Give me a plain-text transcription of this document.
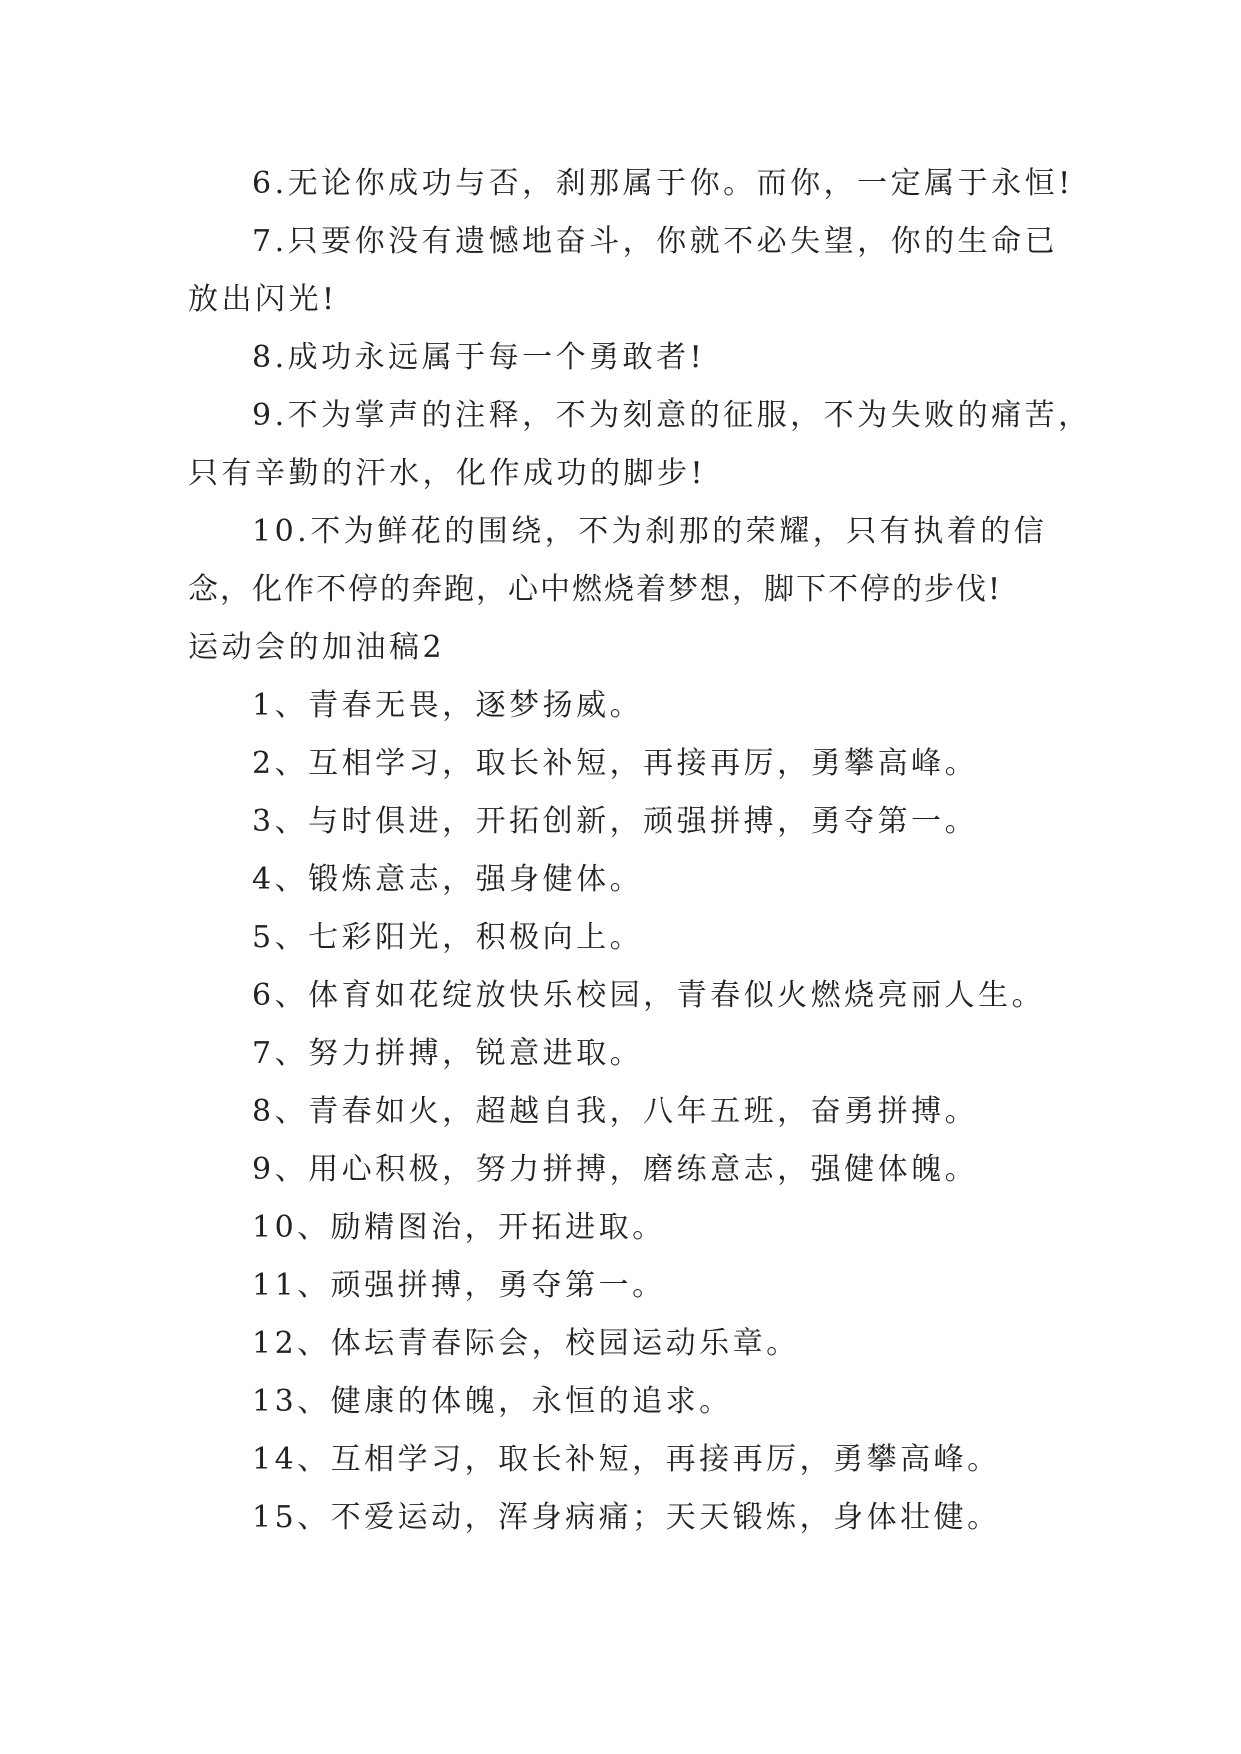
6.无论你成功与否，刹那属于你。而你，一定属于永恒!
7.只要你没有遗憾地奋斗，你就不必失望，你的生命已
放出闪光!
8.成功永远属于每一个勇敢者!
9.不为掌声的注释，不为刻意的征服，不为失败的痛苦，
只有辛勤的汗水，化作成功的脚步!
10.不为鲜花的围绕，不为刹那的荣耀，只有执着的信
念，化作不停的奔跑，心中燃烧着梦想，脚下不停的步伐!
运动会的加油稿2
1、青春无畏，逐梦扬威。
2、互相学习，取长补短，再接再厉，勇攀高峰。
3、与时俱进，开拓创新，顽强拼搏，勇夺第一。
4、锻炼意志，强身健体。
5、七彩阳光，积极向上。
6、体育如花绽放快乐校园，青春似火燃烧亮丽人生。
7、努力拼搏，锐意进取。
8、青春如火，超越自我，八年五班，奋勇拼搏。
9、用心积极，努力拼搏，磨练意志，强健体魄。
10、励精图治，开拓进取。
11、顽强拼搏，勇夺第一。
12、体坛青春际会，校园运动乐章。
13、健康的体魄，永恒的追求。
14、互相学习，取长补短，再接再厉，勇攀高峰。
15、不爱运动，浑身病痛；天天锻炼，身体壮健。
